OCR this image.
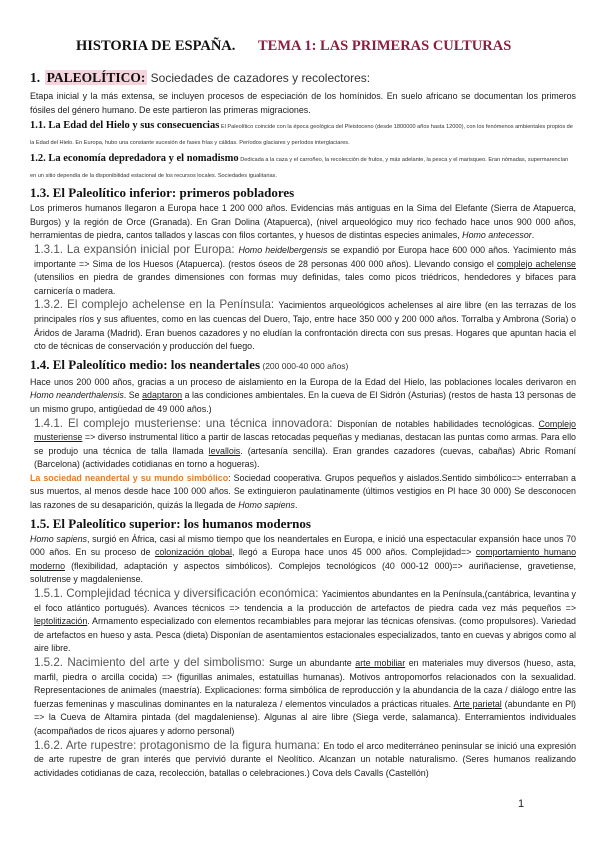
HISTORIA DE ESPAÑA. TEMA 1: LAS PRIMERAS CULTURAS
1. PALEOLÍTICO: Sociedades de cazadores y recolectores:

Etapa inicial y la más extensa, se incluyen procesos de especiación de los homínidos. En suelo africano se documentan los primeros fósiles del género humano. De este partieron las primeras migraciones.

1.1. La Edad del Hielo y sus consecuencias El Paleolítico coincide con la época geológica del Pleistoceno (desde 1800000 años hasta 12000), con los fenómenos ambientales propios de la Edad del Hielo. En Europa, hubo una constante sucesión de fases frías y cálidas. Períodos glaciares y períodos interglaciares.

1.2. La economía depredadora y el nomadismo Dedicada a la caza y el carroñeo, la recolección de frutos, y más adelante, la pesca y el marisqueo. Eran nómadas, supermarencían en un sitio dependía de la disponibilidad estacional de los recursos locales. Sociedades igualitarias.

1.3. El Paleolítico inferior: primeros pobladores

Los primeros humanos llegaron a Europa hace 1 200 000 años. Evidencias más antiguas en la Sima del Elefante (Sierra de Atapuerca, Burgos) y la región de Orce (Granada). En Gran Dolina (Atapuerca), (nivel arqueológico muy rico fechado hace unos 900 000 años, herramientas de piedra, cantos tallados y lascas con filos cortantes, y huesos de distintas especies animales, Homo antecessor.

1.3.1. La expansión inicial por Europa: Homo heidelbergensis se expandió por Europa hace 600 000 años. Yacimiento más importante => Sima de los Huesos (Atapuerca). (restos óseos de 28 personas 400 000 años). Llevando consigo el complejo achelense (utensilios en piedra de grandes dimensiones con formas muy definidas, tales como picos triédricos, hendedores y bifaces para carnicería o madera.

1.3.2. El complejo achelense en la Península: Yacimientos arqueológicos achelenses al aire libre (en las terrazas de los principales ríos y sus afluentes, como en las cuencas del Duero, Tajo, entre hace 350 000 y 200 000 años. Torralba y Ambrona (Soria) o Áridos de Jarama (Madrid). Eran buenos cazadores y no eludían la confrontación directa con sus presas. Hogares que apuntan hacia el cto de técnicas de conservación y producción del fuego.

1.4. El Paleolítico medio: los neandertales (200 000-40 000 años)

Hace unos 200 000 años, gracias a un proceso de aislamiento en la Europa de la Edad del Hielo, las poblaciones locales derivaron en Homo neanderthalensis. Se adaptaron a las condiciones ambientales. En la cueva de El Sidrón (Asturias) (restos de hasta 13 personas de un mismo grupo, antigüedad de 49 000 años.)

1.4.1. El complejo musteriense: una técnica innovadora: Disponían de notables habilidades tecnológicas. Complejo musteriense => diverso instrumental lítico a partir de lascas retocadas pequeñas y medianas, destacan las puntas como armas. Para ello se produjo una técnica de talla llamada levallois. (artesanía sencilla). Eran grandes cazadores (cuevas, cabañas) Abric Romaní (Barcelona) (actividades cotidianas en torno a hogueras).

La sociedad neandertal y su mundo simbólico: Sociedad cooperativa. Grupos pequeños y aislados.Sentido simbólico=> enterraban a sus muertos, al menos desde hace 100 000 años. Se extinguieron paulatinamente (últimos vestigios en Pl hace 30 000) Se desconocen las razones de su desaparición, quizás la llegada de Homo sapiens.

1.5. El Paleolítico superior: los humanos modernos

Homo sapiens, surgió en África, casi al mismo tiempo que los neandertales en Europa, e inició una espectacular expansión hace unos 70 000 años. En su proceso de colonización global, llegó a Europa hace unos 45 000 años. Complejidad=> comportamiento humano moderno (flexibilidad, adaptación y aspectos simbólicos). Complejos tecnológicos (40 000-12 000)=> auriñaciense, gravetiense, solutrense y magdaleniense.

1.5.1. Complejidad técnica y diversificación económica: Yacimientos abundantes en la Península,(cantábrica, levantina y el foco atlántico portugués). Avances técnicos => tendencia a la producción de artefactos de piedra cada vez más pequeños => leptolitización. Armamento especializado con elementos recambiables para mejorar las técnicas ofensivas. (como propulsores). Variedad de artefactos en hueso y asta. Pesca (dieta) Disponían de asentamientos estacionales especializados, tanto en cuevas y abrigos como al aire libre.

1.5.2. Nacimiento del arte y del simbolismo: Surge un abundante arte mobiliar en materiales muy diversos (hueso, asta, marfil, piedra o arcilla cocida) => (figurillas animales, estatuillas humanas). Motivos antropomorfos relacionados con la sexualidad. Representaciones de animales (maestría). Explicaciones: forma simbólica de reproducción y la abundancia de la caza / diálogo entre las fuerzas femeninas y masculinas dominantes en la naturaleza / elementos vinculados a prácticas rituales. Arte parietal (abundante en Pl) => la Cueva de Altamira pintada (del magdaleniense). Algunas al aire libre (Siega verde, salamanca). Enterramientos individuales (acompañados de ricos ajuares y adorno personal)

1.6.2. Arte rupestre: protagonismo de la figura humana: En todo el arco mediterráneo peninsular se inició una expresión de arte rupestre de gran interés que pervivió durante el Neolítico. Alcanzan un notable naturalismo. (Seres humanos realizando actividades cotidianas de caza, recolección, batallas o celebraciones.) Cova dels Cavalls (Castellón)

1
